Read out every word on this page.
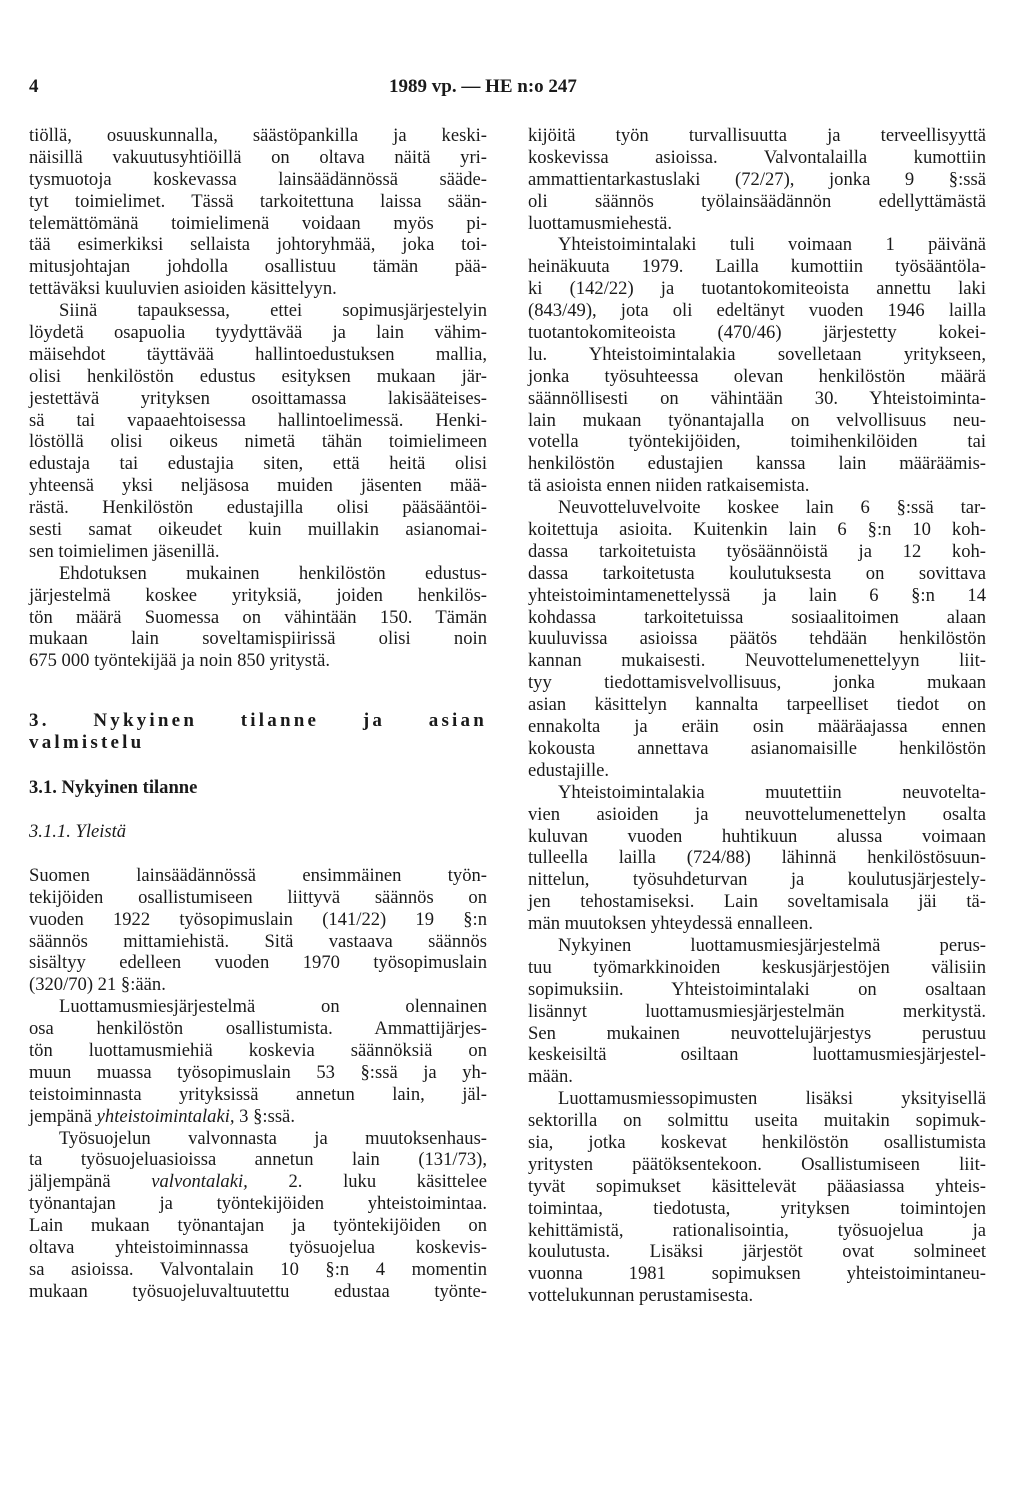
4	1989 vp. — HE n:o 247
tiöllä, osuuskunnalla, säästöpankilla ja keski-
näisillä vakuutusyhtiöillä on oltava näitä yri-
tysmuotoja koskevassa lainsäädännössä sääde-
tyt toimielimet. Tässä tarkoitettuna laissa sään-
telemättömänä toimielimenä voidaan myös pi-
tää esimerkiksi sellaista johtoryhmää, joka toi-
mitusjohtajan johdolla osallistuu tämän pää-
tettäväksi kuuluvien asioiden käsittelyyn.
Siinä tapauksessa, ettei sopimusjärjestelyin
löydetä osapuolia tyydyttävää ja lain vähim-
mäisehdot täyttävää hallintoedustuksen mallia,
olisi henkilöstön edustus esityksen mukaan jär-
jestettävä yrityksen osoittamassa lakisääteises-
sä tai vapaaehtoisessa hallintoelimessä. Henki-
löstöllä olisi oikeus nimetä tähän toimielimeen
edustaja tai edustajia siten, että heitä olisi
yhteensä yksi neljäsosa muiden jäsenten mää-
rästä. Henkilöstön edustajilla olisi pääsääntöi-
sesti samat oikeudet kuin muillakin asianomai-
sen toimielimen jäsenillä.
Ehdotuksen mukainen henkilöstön edustus-
järjestelmä koskee yrityksiä, joiden henkilös-
tön määrä Suomessa on vähintään 150. Tämän
mukaan lain soveltamispiirissä olisi noin
675 000 työntekijää ja noin 850 yritystä.
3. Nykyinen tilanne ja asian
valmistelu
3.1. Nykyinen tilanne
3.1.1. Yleistä
Suomen lainsäädännössä ensimmäinen työn-
tekijöiden osallistumiseen liittyvä säännös on
vuoden 1922 työsopimuslain (141/22) 19 §:n
säännös mittamiehistä. Sitä vastaava säännös
sisältyy edelleen vuoden 1970 työsopimuslain
(320/70) 21 §:ään.
Luottamusmiesjärjestelmä on olennainen
osa henkilöstön osallistumista. Ammattijärjes-
tön luottamusmiehiä koskevia säännöksiä on
muun muassa työsopimuslain 53 §:ssä ja yh-
teistoiminnasta yrityksissä annetun lain, jäl-
jempänä yhteistoimintalaki, 3 §:ssä.
Työsuojelun valvonnasta ja muutoksenhaus-
ta työsuojeluasioissa annetun lain (131/73),
jäljempänä valvontalaki, 2. luku käsittelee
työnantajan ja työntekijöiden yhteistoimintaa.
Lain mukaan työnantajan ja työntekijöiden on
oltava yhteistoiminnassa työsuojelua koskevis-
sa asioissa. Valvontalain 10 §:n 4 momentin
mukaan työsuojeluvaltuutettu edustaa työnte-
kijöitä työn turvallisuutta ja terveellisyyttä
koskevissa asioissa. Valvontalailla kumottiin
ammattientarkastuslaki (72/27), jonka 9 §:ssä
oli säännös työlainsäädännön edellyttämästä
luottamusmiehestä.
Yhteistoimintalaki tuli voimaan 1 päivänä
heinäkuuta 1979. Lailla kumottiin työsääntöla-
ki (142/22) ja tuotantokomiteoista annettu laki
(843/49), jota oli edeltänyt vuoden 1946 lailla
tuotantokomiteoista (470/46) järjestetty kokei-
lu. Yhteistoimintalakia sovelletaan yritykseen,
jonka työsuhteessa olevan henkilöstön määrä
säännöllisesti on vähintään 30. Yhteistoiminta-
lain mukaan työnantajalla on velvollisuus neu-
votella työntekijöiden, toimihenkilöiden tai
henkilöstön edustajien kanssa lain määräämis-
tä asioista ennen niiden ratkaisemista.
Neuvotteluvelvoite koskee lain 6 §:ssä tar-
koitettuja asioita. Kuitenkin lain 6 §:n 10 koh-
dassa tarkoitetuista työsäännöistä ja 12 koh-
dassa tarkoitetusta koulutuksesta on sovittava
yhteistoimintamenettelyssä ja lain 6 §:n 14
kohdassa tarkoitetuissa sosiaalitoimen alaan
kuuluvissa asioissa päätös tehdään henkilöstön
kannan mukaisesti. Neuvottelumenettelyyn liit-
tyy tiedottamisvelvollisuus, jonka mukaan
asian käsittelyn kannalta tarpeelliset tiedot on
ennakolta ja eräin osin määräajassa ennen
kokousta annettava asianomaisille henkilöstön
edustajille.
Yhteistoimintalakia muutettiin neuvotelta-
vien asioiden ja neuvottelumenettelyn osalta
kuluvan vuoden huhtikuun alussa voimaan
tulleella lailla (724/88) lähinnä henkilöstösuun-
nittelun, työsuhdeturvan ja koulutusjärjestely-
jen tehostamiseksi. Lain soveltamisala jäi tä-
män muutoksen yhteydessä ennalleen.
Nykyinen luottamusmiesjärjestelmä perus-
tuu työmarkkinoiden keskusjärjestöjen välisiin
sopimuksiin. Yhteistoimintalaki on osaltaan
lisännyt luottamusmiesjärjestelmän merkitystä.
Sen mukainen neuvottelujärjestys perustuu
keskeisiltä osiltaan luottamusmiesjärjestel-
mään.
Luottamusmiessopimusten lisäksi yksityisellä
sektorilla on solmittu useita muitakin sopimuk-
sia, jotka koskevat henkilöstön osallistumista
yritysten päätöksentekoon. Osallistumiseen liit-
tyvät sopimukset käsittelevät pääasiassa yhteis-
toimintaa, tiedotusta, yrityksen toimintojen
kehittämistä, rationalisointia, työsuojelua ja
koulutusta. Lisäksi järjestöt ovat solmineet
vuonna 1981 sopimuksen yhteistoimintaneu-
vottelukunnan perustamisesta.
